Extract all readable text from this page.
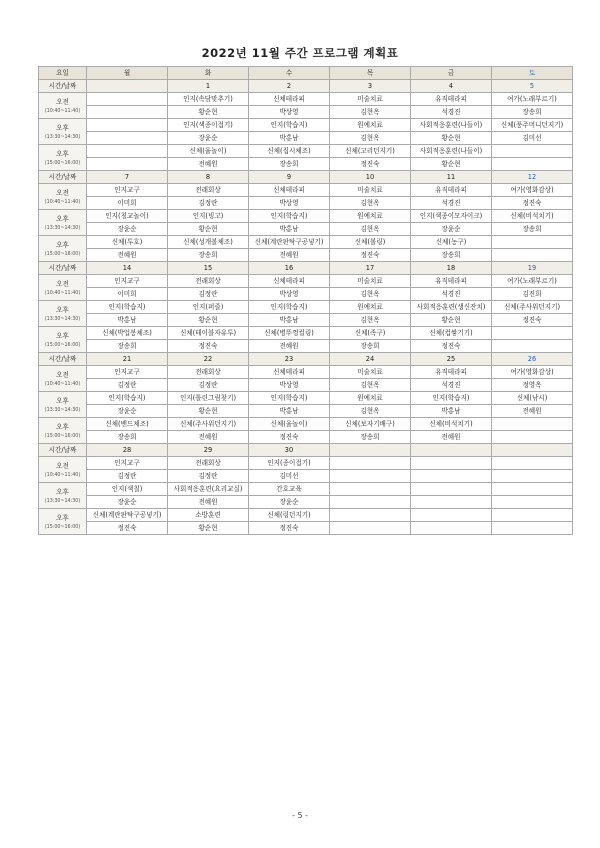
2022년 11월 주간 프로그램 계획표
요일	월	화	수	목	금	토
시간/날짜		1	2	3	4	5

오전
(10:40~11:40)		인지(속담맞추기)	신체테라피	미술치료	유직테라피	여가(노래부르기)
		황순현	박상영	김현옥	석경진	장송희

오후
(13:30~14:30)		인지(색종이접기)	인지(학습지)	원예치료	사회적응훈련(나들이)	신체(풍주머니던지기)
		장윤순	박홍남	김현옥	황순현	김미선

오후
(15:00~16:00)		신체(울놀이)	신체(집시체조)	신체(고리던지기)	사회적응훈련(나들이)	
		전혜원	장송희	정진숙	황순현	
시간/날짜	7	8	9	10	11	12

오전
(10:40~11:40)	인지교구	전래회상	신체테라피	미술치료	유직테라피	여가(영화감상)
	이미희	김정란	박상영	김현옥	석경진	정진숙

오후
(13:30~14:30)	인지(칭교놀이)	인지(빙고)	인지(학습지)	원예치료	인지(색종이모자이크)	신체(비석치기)
	장윤순	황순현	박홍남	김현옥	장윤순	장송희

오후
(15:00~16:00)	신체(투호)	신체(성개볼체조)	신체(계란판탁구공넣기)	신체(볼링)	신체(농구)	
	전혜원	장송희	전혜원	정진숙	장송희	
시간/날짜	14	15	16	17	18	19

오전
(10:40~11:40)	인지교구	전래회상	신체테라피	미술치료	유직테라피	여가(노래부르기)
	이미희	김정란	박상영	김현옥	석경진	김진희

오후
(13:30~14:30)	인지(학습지)	인지(퍼즐)	인지(학습지)	원예치료	사회적응훈련(생신잔치)	신체(주사위던지기)
	박홍남	황순현	박홍남	김현옥	황순현	정진숙

오후
(15:00~16:00)	신체(박업봉체조)	신체(테이블자유투)	신체(병뚜껑컬링)	신체(족구)	신체(컵쌓기기)	
	장송희	정진숙	전혜원	장송희	정진숙	
시간/날짜	21	22	23	24	25	26

오전
(10:40~11:40)	인지교구	전래회상	신체테라피	미술치료	유직테라피	여가(영화감상)
	김정란	김정란	박상영	김현옥	석경진	정영옥

오후
(13:30~14:30)	인지(학습지)	인지(틀린그림찾기)	인지(학습지)	원예치료	인지(학습지)	신체(낚시)
	장윤순	황순현	박홍남	김현옥	박홍남	전혜원

오후
(15:00~16:00)	신체(밴드체조)	신체(주사위던지기)	신체(울놀이)	신체(보자기배구)	신체(비석치기)	
	장송희	전혜원	정진숙	장송희	전혜원	
시간/날짜	28	29	30			

오전
(10:40~11:40)	인지교구	전래회상	인지(종이접기)			
	김정란	김정란	김미선			

오후
(13:30~14:30)	인지(색칠)	사회적응훈련(요리교실)	간호교육			
	장윤순	전혜원	장윤순			

오후
(15:00~16:00)	신체(계란판탁구공넣기)	소방훈련	신체(링던지기)			
	정진숙	황순현	정진숙			
- 5 -
